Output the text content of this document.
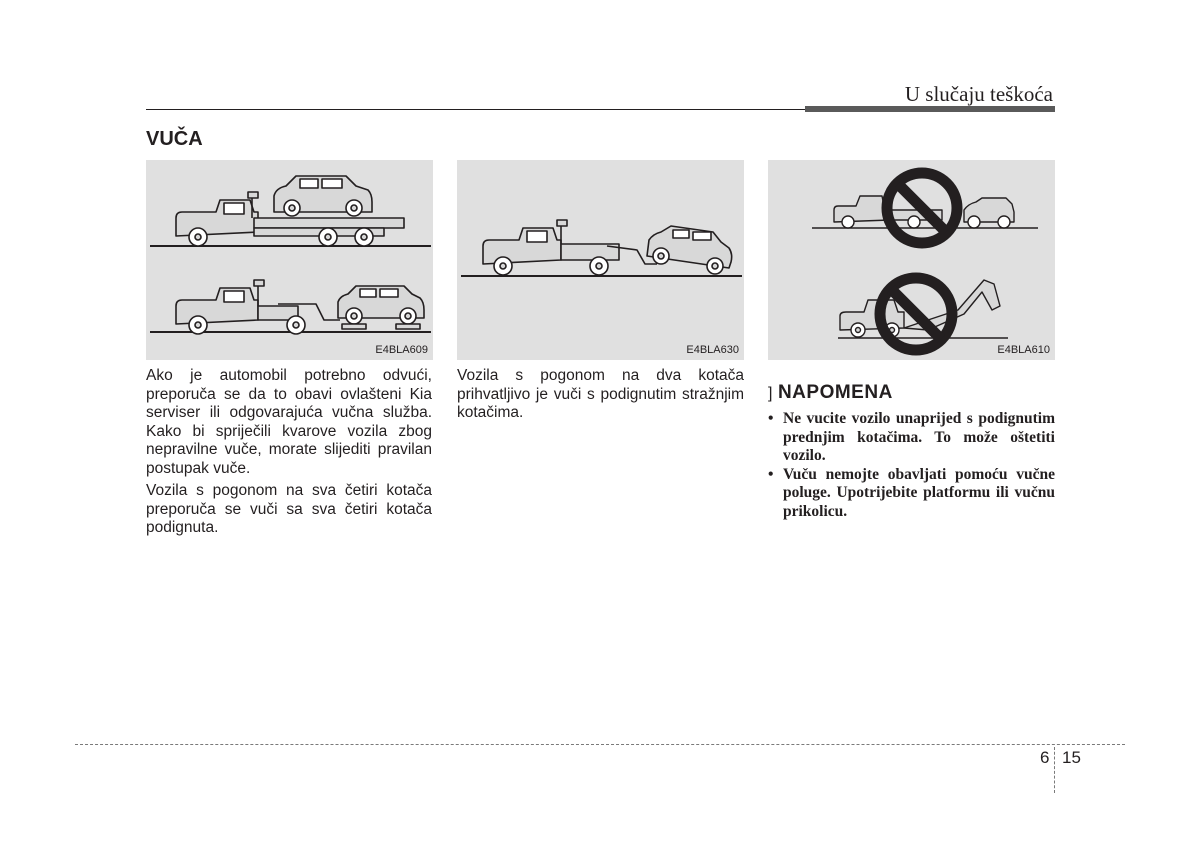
U slučaju teškoća
VUČA
E4BLA609	E4BLA630	E4BLA610

Ako je automobil potrebno odvući, preporuča se da to obavi ovlašteni Kia serviser ili odgovarajuća vučna služba. Kako bi spriječili kvarove vozila zbog nepravilne vuče, morate slijediti pravilan postupak vuče.

Vozila s pogonom na sva četiri kotača preporuča se vuči sa sva četiri kotača podignuta.

Vozila s pogonom na dva kotača prihvatljivo je vuči s podignutim stražnjim kotačima.

] NAPOMENA
• Ne vucite vozilo unaprijed s podignutim prednjim kotačima. To može oštetiti vozilo.
• Vuču nemojte obavljati pomoću vučne poluge. Upotrijebite platformu ili vučnu prikolicu.
6 15
